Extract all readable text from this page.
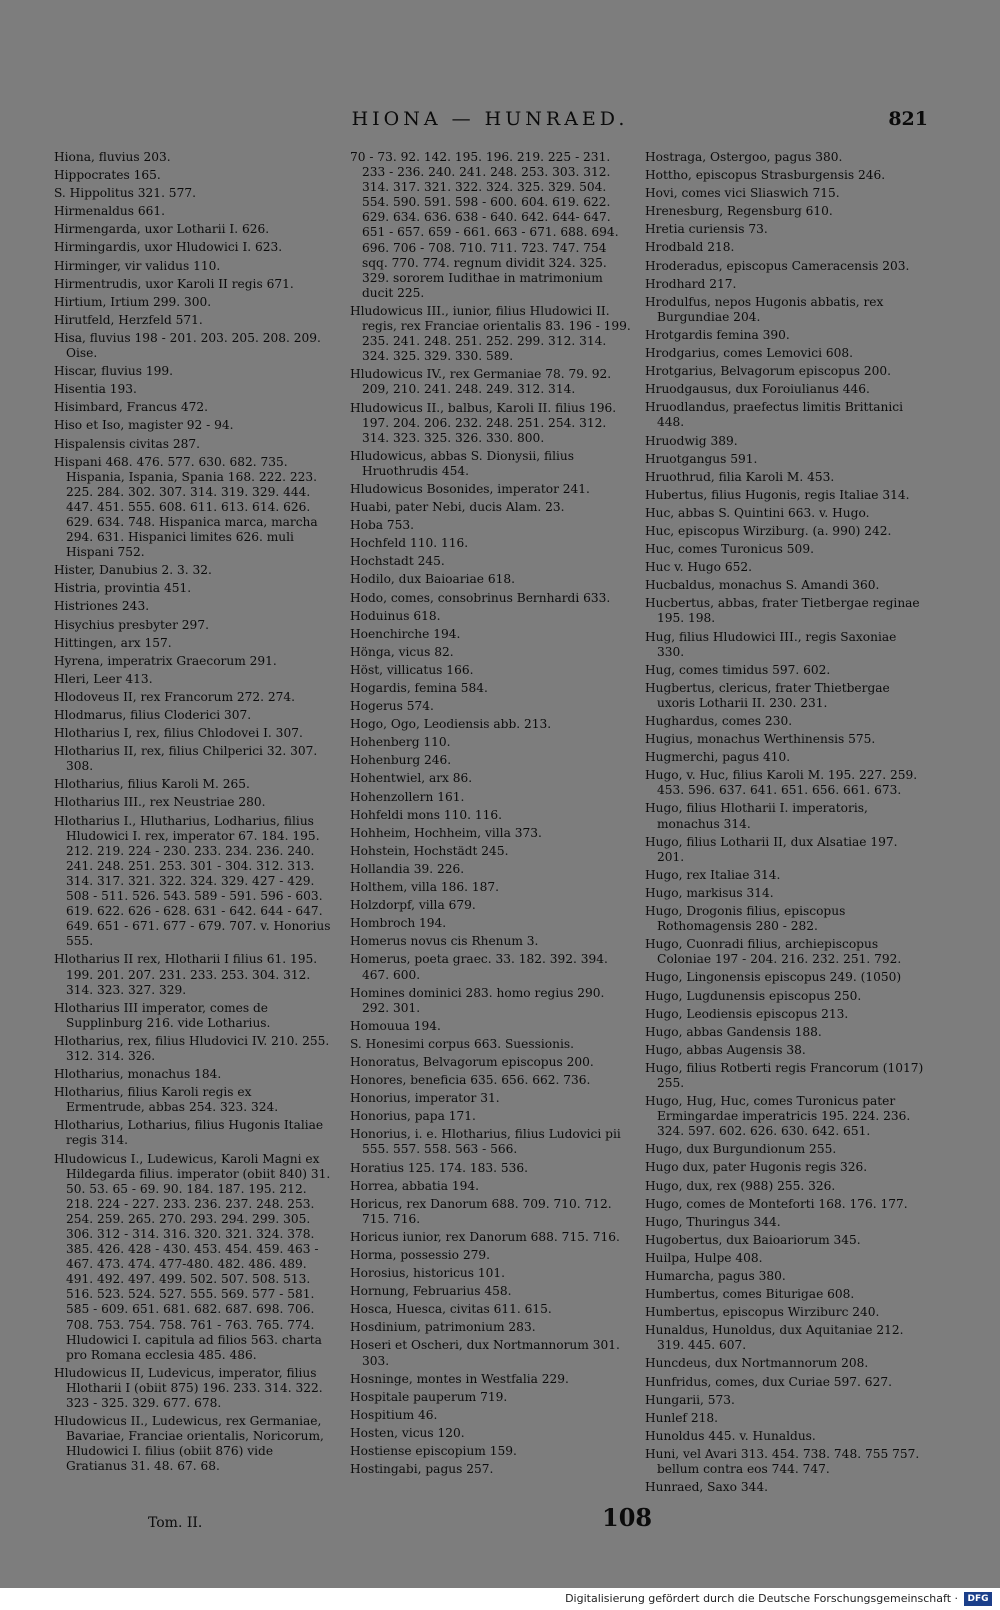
HIONA — HUNRAED.	821
Hiona, fluvius 203.
Hippocrates 165.
S. Hippolitus 321. 577.
Hirmenaldus 661.
Hirmengarda, uxor Lotharii I. 626.
Hirmingardis, uxor Hludowici I. 623.
Hirminger, vir validus 110.
Hirmentrudis, uxor Karoli II regis 671.
Hirtium, Irtium 299. 300.
Hirutfeld, Herzfeld 571.
Hisa, fluvius 198 - 201. 203. 205. 208. 209. Oise.
Hiscar, fluvius 199.
Hisentia 193.
Hisimbard, Francus 472.
Hiso et Iso, magister 92 - 94.
Hispalensis civitas 287.
Hispani 468. 476. 577. 630. 682. 735. Hispania, Ispania, Spania 168. 222. 223. 225. 284. 302. 307. 314. 319. 329. 444. 447. 451. 555. 608. 611. 613. 614. 626. 629. 634. 748. Hispanica marca, marcha 294. 631. Hispanici limites 626. muli Hispani 752.
Hister, Danubius 2. 3. 32.
Histria, provintia 451.
Histriones 243.
Hisychius presbyter 297.
Hittingen, arx 157.
Hyrena, imperatrix Graecorum 291.
Hleri, Leer 413.
Hlodoveus II, rex Francorum 272. 274.
Hlodmarus, filius Cloderici 307.
Hlotharius I, rex, filius Chlodovei I. 307.
Hlotharius II, rex, filius Chilperici 32. 307. 308.
Hlotharius, filius Karoli M. 265.
Hlotharius III., rex Neustriae 280.
Hlotharius I., Hlutharius, Lodharius, filius Hludowici I. rex, imperator 67. 184. 195. 212. 219. 224 - 230. 233. 234. 236. 240. 241. 248. 251. 253. 301 - 304. 312. 313. 314. 317. 321. 322. 324. 329. 427 - 429. 508 - 511. 526. 543. 589 - 591. 596 - 603. 619. 622. 626 - 628. 631 - 642. 644 - 647. 649. 651 - 671. 677 - 679. 707. v. Honorius 555.
Hlotharius II rex, Hlotharii I filius 61. 195. 199. 201. 207. 231. 233. 253. 304. 312. 314. 323. 327. 329.
Hlotharius III imperator, comes de Supplinburg 216. vide Lotharius.
Hlotharius, rex, filius Hludovici IV. 210. 255. 312. 314. 326.
Hlotharius, monachus 184.
Hlotharius, filius Karoli regis ex Ermentrude, abbas 254. 323. 324.
Hlotharius, Lotharius, filius Hugonis Italiae regis 314.
Hludowicus I., Ludewicus, Karoli Magni ex Hildegarda filius. imperator (obiit 840) 31. 50. 53. 65 - 69. 90. 184. 187. 195. 212. 218. 224 - 227. 233. 236. 237. 248. 253. 254. 259. 265. 270. 293. 294. 299. 305. 306. 312 - 314. 316. 320. 321. 324. 378. 385. 426. 428 - 430. 453. 454. 459. 463 - 467. 473. 474. 477-480. 482. 486. 489. 491. 492. 497. 499. 502. 507. 508. 513. 516. 523. 524. 527. 555. 569. 577 - 581. 585 - 609. 651. 681. 682. 687. 698. 706. 708. 753. 754. 758. 761 - 763. 765. 774. Hludowici I. capitula ad filios 563. charta pro Romana ecclesia 485. 486.
Hludowicus II, Ludevicus, imperator, filius Hlotharii I (obiit 875) 196. 233. 314. 322. 323 - 325. 329. 677. 678.
Hludowicus II., Ludewicus, rex Germaniae, Bavariae, Franciae orientalis, Noricorum, Hludowici I. filius (obiit 876) vide Gratianus 31. 48. 67. 68.
70 - 73. 92. 142. 195. 196. 219. 225 - 231. 233 - 236. 240. 241. 248. 253. 303. 312. 314. 317. 321. 322. 324. 325. 329. 504. 554. 590. 591. 598 - 600. 604. 619. 622. 629. 634. 636. 638 - 640. 642. 644- 647. 651 - 657. 659 - 661. 663 - 671. 688. 694. 696. 706 - 708. 710. 711. 723. 747. 754 sqq. 770. 774. regnum dividit 324. 325. 329. sororem Iudithae in matrimonium ducit 225.
Hludowicus III., iunior, filius Hludowici II. regis, rex Franciae orientalis 83. 196 - 199. 235. 241. 248. 251. 252. 299. 312. 314. 324. 325. 329. 330. 589.
Hludowicus IV., rex Germaniae 78. 79. 92. 209, 210. 241. 248. 249. 312. 314.
Hludowicus II., balbus, Karoli II. filius 196. 197. 204. 206. 232. 248. 251. 254. 312. 314. 323. 325. 326. 330. 800.
Hludowicus, abbas S. Dionysii, filius Hruothrudis 454.
Hludowicus Bosonides, imperator 241.
Huabi, pater Nebi, ducis Alam. 23.
Hoba 753.
Hochfeld 110. 116.
Hochstadt 245.
Hodilo, dux Baioariae 618.
Hodo, comes, consobrinus Bernhardi 633.
Hoduinus 618.
Hoenchirche 194.
Hönga, vicus 82.
Höst, villicatus 166.
Hogardis, femina 584.
Hogerus 574.
Hogo, Ogo, Leodiensis abb. 213.
Hohenberg 110.
Hohenburg 246.
Hohentwiel, arx 86.
Hohenzollern 161.
Hohfeldi mons 110. 116.
Hohheim, Hochheim, villa 373.
Hohstein, Hochstädt 245.
Hollandia 39. 226.
Holthem, villa 186. 187.
Holzdorpf, villa 679.
Hombroch 194.
Homerus novus cis Rhenum 3.
Homerus, poeta graec. 33. 182. 392. 394. 467. 600.
Homines dominici 283. homo regius 290. 292. 301.
Homouua 194.
S. Honesimi corpus 663. Suessionis.
Honoratus, Belvagorum episcopus 200.
Honores, beneficia 635. 656. 662. 736.
Honorius, imperator 31.
Honorius, papa 171.
Honorius, i. e. Hlotharius, filius Ludovici pii 555. 557. 558. 563 - 566.
Horatius 125. 174. 183. 536.
Horrea, abbatia 194.
Horicus, rex Danorum 688. 709. 710. 712. 715. 716.
Horicus iunior, rex Danorum 688. 715. 716.
Horma, possessio 279.
Horosius, historicus 101.
Hornung, Februarius 458.
Hosca, Huesca, civitas 611. 615.
Hosdinium, patrimonium 283.
Hoseri et Oscheri, dux Nortmannorum 301. 303.
Hosninge, montes in Westfalia 229.
Hospitale pauperum 719.
Hospitium 46.
Hosten, vicus 120.
Hostiense episcopium 159.
Hostingabi, pagus 257.
Hostraga, Ostergoo, pagus 380.
Hottho, episcopus Strasburgensis 246.
Hovi, comes vici Sliaswich 715.
Hrenesburg, Regensburg 610.
Hretia curiensis 73.
Hrodbald 218.
Hroderadus, episcopus Cameracensis 203.
Hrodhard 217.
Hrodulfus, nepos Hugonis abbatis, rex Burgundiae 204.
Hrotgardis femina 390.
Hrodgarius, comes Lemovici 608.
Hrotgarius, Belvagorum episcopus 200.
Hruodgausus, dux Foroiulianus 446.
Hruodlandus, praefectus limitis Brittanici 448.
Hruodwig 389.
Hruotgangus 591.
Hruothrud, filia Karoli M. 453.
Hubertus, filius Hugonis, regis Italiae 314.
Huc, abbas S. Quintini 663. v. Hugo.
Huc, episcopus Wirziburg. (a. 990) 242.
Huc, comes Turonicus 509.
Huc v. Hugo 652.
Hucbaldus, monachus S. Amandi 360.
Hucbertus, abbas, frater Tietbergae reginae 195. 198.
Hug, filius Hludowici III., regis Saxoniae 330.
Hug, comes timidus 597. 602.
Hugbertus, clericus, frater Thietbergae uxoris Lotharii II. 230. 231.
Hughardus, comes 230.
Hugius, monachus Werthinensis 575.
Hugmerchi, pagus 410.
Hugo, v. Huc, filius Karoli M. 195. 227. 259. 453. 596. 637. 641. 651. 656. 661. 673.
Hugo, filius Hlotharii I. imperatoris, monachus 314.
Hugo, filius Lotharii II, dux Alsatiae 197. 201.
Hugo, rex Italiae 314.
Hugo, markisus 314.
Hugo, Drogonis filius, episcopus Rothomagensis 280 - 282.
Hugo, Cuonradi filius, archiepiscopus Coloniae 197 - 204. 216. 232. 251. 792.
Hugo, Lingonensis episcopus 249. (1050)
Hugo, Lugdunensis episcopus 250.
Hugo, Leodiensis episcopus 213.
Hugo, abbas Gandensis 188.
Hugo, abbas Augensis 38.
Hugo, filius Rotberti regis Francorum (1017) 255.
Hugo, Hug, Huc, comes Turonicus pater Ermingardae imperatricis 195. 224. 236. 324. 597. 602. 626. 630. 642. 651.
Hugo, dux Burgundionum 255.
Hugo dux, pater Hugonis regis 326.
Hugo, dux, rex (988) 255. 326.
Hugo, comes de Monteforti 168. 176. 177.
Hugo, Thuringus 344.
Hugobertus, dux Baioariorum 345.
Huilpa, Hulpe 408.
Humarcha, pagus 380.
Humbertus, comes Biturigae 608.
Humbertus, episcopus Wirziburc 240.
Hunaldus, Hunoldus, dux Aquitaniae 212. 319. 445. 607.
Huncdeus, dux Nortmannorum 208.
Hunfridus, comes, dux Curiae 597. 627.
Hungarii, 573.
Hunlef 218.
Hunoldus 445. v. Hunaldus.
Huni, vel Avari 313. 454. 738. 748. 755 757. bellum contra eos 744. 747.
Hunraed, Saxo 344.
Tom. II.	108
Digitalisierung gefördert durch die Deutsche Forschungsgemeinschaft ·	DFG
